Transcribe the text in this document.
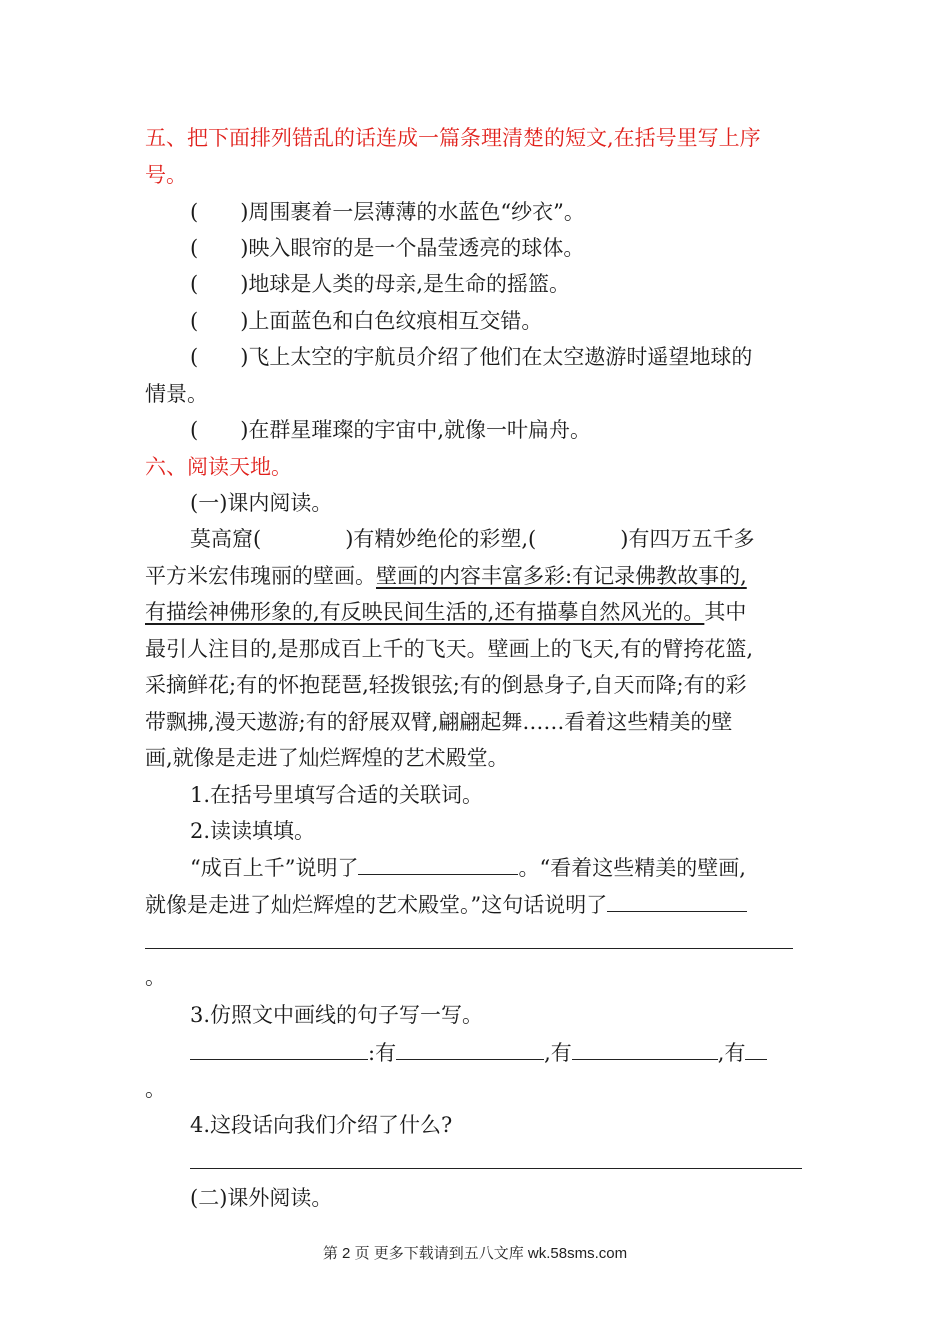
五、把下面排列错乱的话连成一篇条理清楚的短文,在括号里写上序
号。
(　　)周围裹着一层薄薄的水蓝色“纱衣”。
(　　)映入眼帘的是一个晶莹透亮的球体。
(　　)地球是人类的母亲,是生命的摇篮。
(　　)上面蓝色和白色纹痕相互交错。
(　　)飞上太空的宇航员介绍了他们在太空遨游时遥望地球的
情景。
(　　)在群星璀璨的宇宙中,就像一叶扁舟。
六、阅读天地。
(一)课内阅读。
莫高窟(　　　　)有精妙绝伦的彩塑,(　　　　)有四万五千多
平方米宏伟瑰丽的壁画。壁画的内容丰富多彩:有记录佛教故事的,
有描绘神佛形象的,有反映民间生活的,还有描摹自然风光的。其中
最引人注目的,是那成百上千的飞天。壁画上的飞天,有的臂挎花篮,
采摘鲜花;有的怀抱琵琶,轻拨银弦;有的倒悬身子,自天而降;有的彩
带飘拂,漫天遨游;有的舒展双臂,翩翩起舞……看着这些精美的壁
画,就像是走进了灿烂辉煌的艺术殿堂。
1.在括号里填写合适的关联词。
2.读读填填。
“成百上千”说明了	。“看着这些精美的壁画,
就像是走进了灿烂辉煌的艺术殿堂。”这句话说明了
。
3.仿照文中画线的句子写一写。
:有	,有	,有
。
4.这段话向我们介绍了什么?
(二)课外阅读。
第 2 页 更多下载请到五八文库 wk.58sms.com
